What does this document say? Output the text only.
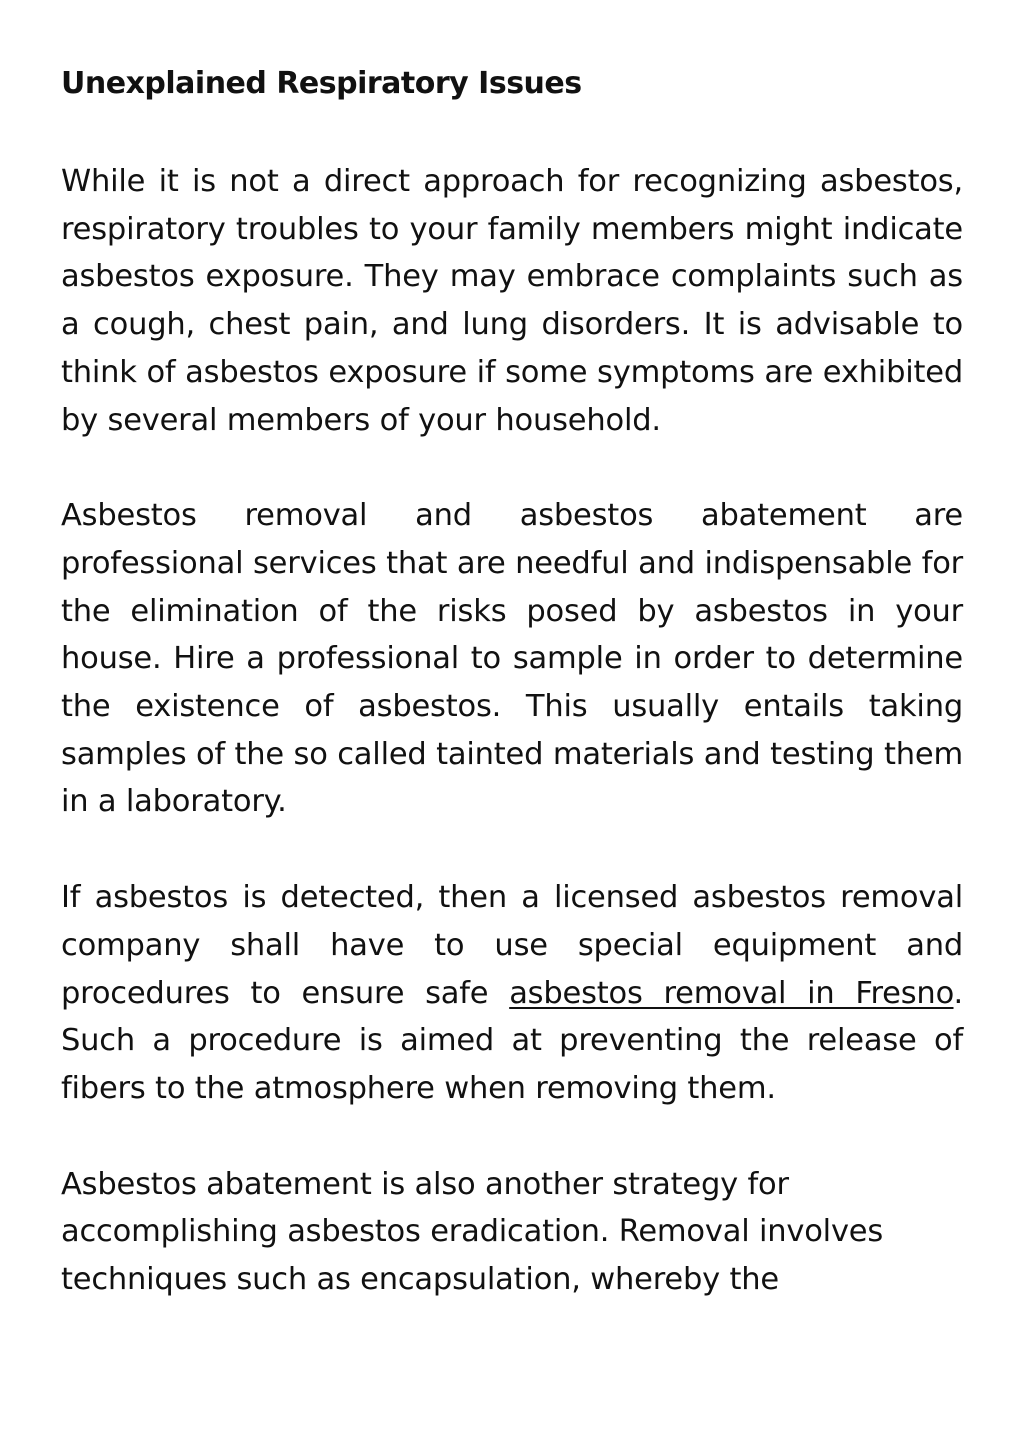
Unexplained Respiratory Issues

While it is not a direct approach for recognizing asbestos, respiratory troubles to your family members might indicate asbestos exposure. They may embrace complaints such as a cough, chest pain, and lung disorders. It is advisable to think of asbestos exposure if some symptoms are exhibited by several members of your household.

Asbestos removal and asbestos abatement are professional services that are needful and indispensable for the elimination of the risks posed by asbestos in your house. Hire a professional to sample in order to determine the existence of asbestos. This usually entails taking samples of the so called tainted materials and testing them in a laboratory.

If asbestos is detected, then a licensed asbestos removal company shall have to use special equipment and procedures to ensure safe asbestos removal in Fresno. Such a procedure is aimed at preventing the release of fibers to the atmosphere when removing them.

Asbestos abatement is also another strategy for accomplishing asbestos eradication. Removal involves techniques such as encapsulation, whereby the
